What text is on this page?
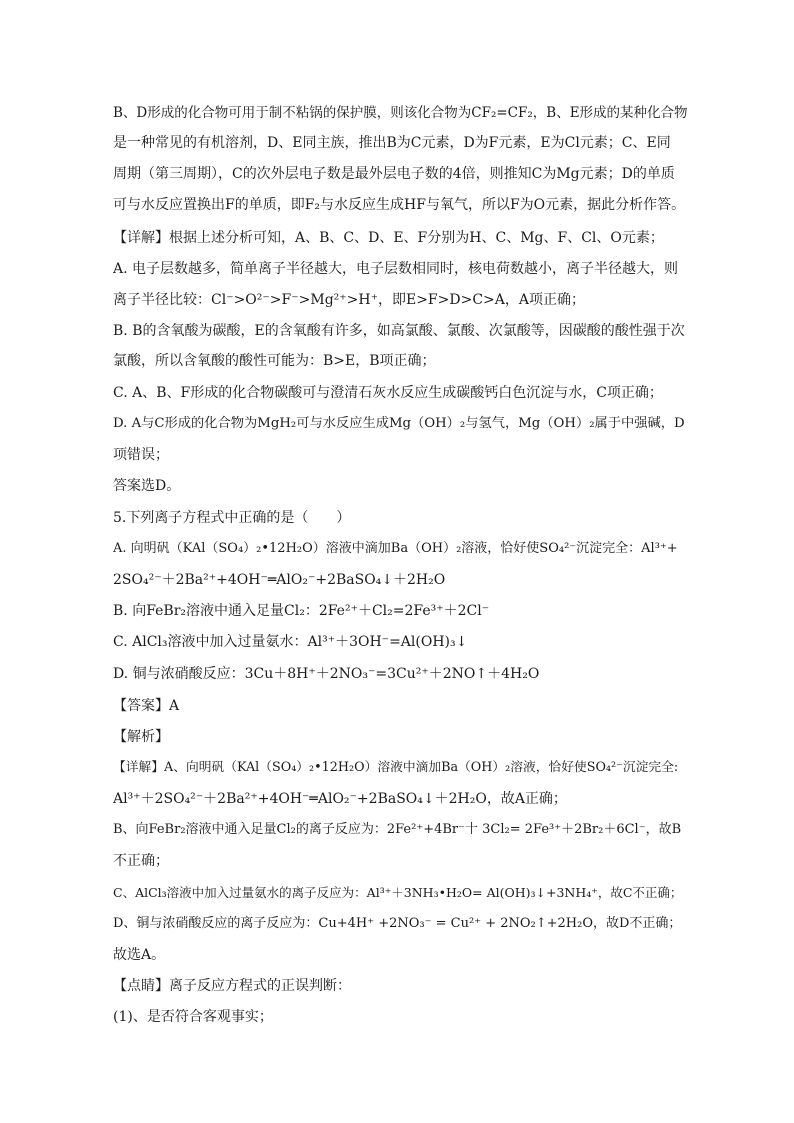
B、D形成的化合物可用于制不粘锅的保护膜，则该化合物为CF₂=CF₂，B、E形成的某种化合物
是一种常见的有机溶剂，D、E同主族，推出B为C元素，D为F元素，E为Cl元素；C、E同
周期（第三周期），C的次外层电子数是最外层电子数的4倍，则推知C为Mg元素；D的单质
可与水反应置换出F的单质，即F₂与水反应生成HF与氧气，所以F为O元素，据此分析作答。
【详解】根据上述分析可知，A、B、C、D、E、F分别为H、C、Mg、F、Cl、O元素；
A. 电子层数越多，简单离子半径越大，电子层数相同时，核电荷数越小，离子半径越大，则
离子半径比较：Cl⁻>O²⁻>F⁻>Mg²⁺>H⁺，即E>F>D>C>A，A项正确；
B. B的含氧酸为碳酸，E的含氧酸有许多，如高氯酸、氯酸、次氯酸等，因碳酸的酸性强于次
氯酸，所以含氧酸的酸性可能为：B>E，B项正确；
C. A、B、F形成的化合物碳酸可与澄清石灰水反应生成碳酸钙白色沉淀与水，C项正确；
D. A与C形成的化合物为MgH₂可与水反应生成Mg（OH）₂与氢气，Mg（OH）₂属于中强碱，D
项错误；
答案选D。
5.下列离子方程式中正确的是（　　）
A. 向明矾（KAl（SO₄）₂•12H₂O）溶液中滴加Ba（OH）₂溶液，恰好使SO₄²⁻沉淀完全：Al³⁺+
2SO₄²⁻＋2Ba²⁺+4OH⁻═AlO₂⁻+2BaSO₄↓＋2H₂O
B. 向FeBr₂溶液中通入足量Cl₂：2Fe²⁺＋Cl₂=2Fe³⁺＋2Cl⁻
C. AlCl₃溶液中加入过量氨水：Al³⁺＋3OH⁻=Al(OH)₃↓
D. 铜与浓硝酸反应：3Cu＋8H⁺＋2NO₃⁻=3Cu²⁺＋2NO↑＋4H₂O
【答案】A
【解析】
【详解】A、向明矾（KAl（SO₄）₂•12H₂O）溶液中滴加Ba（OH）₂溶液，恰好使SO₄²⁻沉淀完全:
Al³⁺＋2SO₄²⁻＋2Ba²⁺+4OH⁻═AlO₂⁻+2BaSO₄↓＋2H₂O，故A正确；
B、向FeBr₂溶液中通入足量Cl₂的离子反应为：2Fe²⁺+4Br⁻十 3Cl₂= 2Fe³⁺＋2Br₂＋6Cl⁻，故B
不正确；
C、AlCl₃溶液中加入过量氨水的离子反应为：Al³⁺＋3NH₃•H₂O= Al(OH)₃↓+3NH₄⁺，故C不正确；
D、铜与浓硝酸反应的离子反应为：Cu+4H⁺ +2NO₃⁻ = Cu²⁺ + 2NO₂↑+2H₂O，故D不正确；
故选A。
【点睛】离子反应方程式的正误判断：
(1)、是否符合客观事实；
